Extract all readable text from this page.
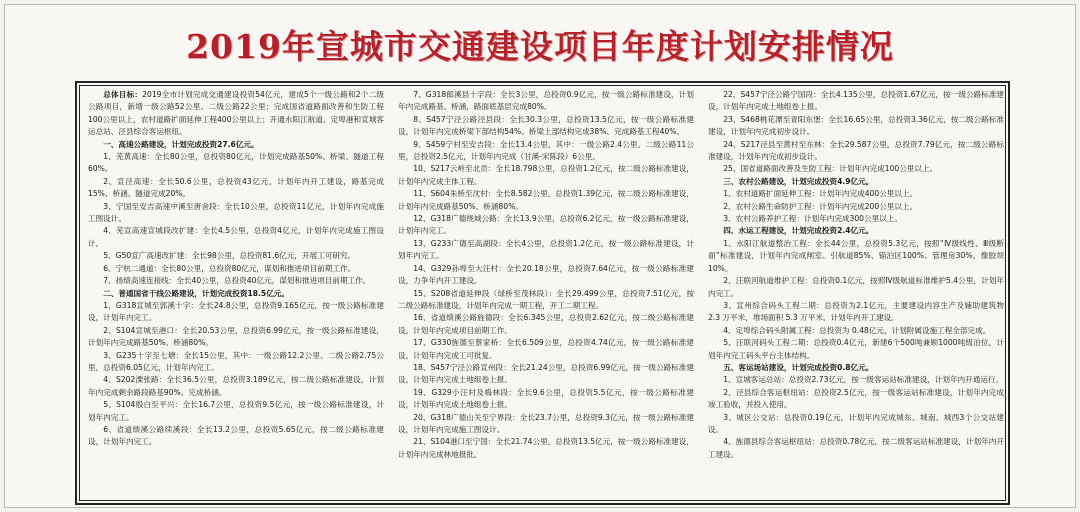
2019年宣城市交通建设项目年度计划安排情况
总体目标：2019全市计划完成交通建设投资54亿元，建成5个一级公路和2个二级公路项目，新增一级公路52公里、二级公路22公里；完成国省道路面改善和生防工程100公里以上，农村道路扩面延伸工程400公里以上；开通水阳江航道、定埠港和宣城客运总站、泾县综合客运枢纽。
一、高速公路建设，计划完成投资27.6亿元。
1、芜黄高速：全长80公里，总投资80亿元，计划完成路基50%、桥梁、隧道工程60%。
2、宣泾高速：全长50.6公里，总投资43亿元，计划年内开工建设，路基完成15%、桥涵、隧道完成20%。
3、宁国至安吉高速中溪至唐舍段：全长10公里，总投资11亿元，计划年内完成施工图设计。
4、芜宣高速宣城段改扩建：全长4.5公里，总投资4亿元，计划年内完成施工图设计。
5、G50宣广高速改扩建：全长98公里，总投资81.6亿元，开展工可研究。
6、宁杭二通道：全长80公里，总投资80亿元，谋划和推进项目前期工作。
7、扬绩高速连接线：全长40公里，总投资40亿元，谋划和推进项目前期工作。
二、普通国省干线公路建设，计划完成投资18.5亿元。
1、G318宣城至郭溪十字：全长24.8公里，总投资9.165亿元，按一级公路标准建设，计划年内完工。
2、S104宣城至港口：全长20.53公里，总投资6.99亿元，按一级公路标准建设，计划年内完成路基50%、桥涵80%。
3、G235十字至七塘：全长15公里，其中：一级公路12.2公里、二级公路2.75公里，总投资6.05亿元，计划年内完工。
4、S202溧张路：全长36.5公里，总投资3.189亿元，按二级公路标准建设，计划年内完成剩余路段路基90%、完成桥涵。
5、S104殷白至平兴：全长16.7公里，总投资9.5亿元，按一级公路标准建设，计划年内完工。
6、省道绩溪公路续溪段：全长13.2公里，总投资5.65亿元，按二级公路标准建设，计划年内完工。
7、G318郎溪县十字段：全长3公里，总投资0.9亿元，按一级公路标准建设，计划年内完成路基、桥涵，路面底基层完成80%。
8、S457宁泾公路泾县段：全长30.3公里，总投资13.5亿元，按一级公路标准建设，计划年内完成桥梁下部结构54%、桥梁上部结构完成38%、完成路基工程40%。
9、S459宁村至安吉段：全长13.4公里，其中：一级公路2.4公里、二级公路11公里，总投资2.5亿元，计划年内完成（甘溪-宋陈段）6公里。
10、S217云岭至北贡：全长18.798公里，总投资1.2亿元，按二级公路标准建设，计划年内完成主体工程。
11、S604朱桥至沈村：全长8.582公里，总投资1.39亿元，按二级公路标准建设，计划年内完成路基50%、桥涵80%。
12、G318广德绕城公路：全长13.9公里，总投资6.2亿元，按一级公路标准建设，计划年内完工。
13、G233广德至高湖段：全长4公里，总投资1.2亿元，按一级公路标准建设，计划年内完工。
14、G329孙埠至大汪村：全长20.18公里，总投资7.64亿元，按一级公路标准建设，力争年内开工建设。
15、S208省道延伸段（绿桥至茂林段）：全长29.499公里，总投资7.51亿元，按二级公路标准建设，计划年内完成一期工程，开工二期工程。
16、省道绩溪公路旌德段：全长6.345公里，总投资2.62亿元，按二级公路标准建设，计划年内完成项目前期工作。
17、G330旌德至蔡家桥：全长6.509公里，总投资4.74亿元，按一级公路标准建设，计划年内完成工可批复。
18、S457宁泾公路宣州段：全长21.24公里，总投资6.99亿元，按一级公路标准建设，计划年内完成土地组卷上报。
19、G329小汪村及梅林段：全长9.6公里，总投资5.5亿元，按一级公路标准建设，计划年内完成土地组卷上报。
20、G318广德山关至宁界段：全长23.7公里，总投资9.3亿元，按一级公路标准建设，计划年内完成施工图设计。
21、S104港口至宁国：全长21.74公里，总投资13.5亿元，按一级公路标准建设，计划年内完成林地报批。
22、S457宁泾公路宁国段：全长4.135公里，总投资1.67亿元，按一级公路标准建设，计划年内完成土地组卷上报。
23、S468桃花潭至青阳东堡：全长16.65公里，总投资3.36亿元，按二级公路标准建设，计划年内完成初步设计。
24、S217泾县至黄村至东林：全长29.587公里，总投资7.79亿元，按二级公路标准建设，计划年内完成初步设计。
25、国省道路面改善及生防工程：计划年内完成100公里以上。
三、农村公路建设，计划完成投资4.9亿元。
1、农村道路扩面延伸工程：计划年内完成400公里以上。
2、农村公路生命防护工程：计划年内完成200公里以上。
3、农村公路养护工程：计划年内完成300公里以上。
四、水运工程建设，计划完成投资2.4亿元。
1、水阳江航道整治工程：全长44公里，总投资5.3亿元，按照“Ⅳ级线性、Ⅲ级断面”标准建设，计划年内完成闸室、引航道85%、锚泊区100%、管理房30%、像胶坝10%。
2、汪联河航道维护工程：总投资0.1亿元，按照Ⅳ级航道标准维护5.4公里，计划年内完工。
3、宣州综合码头工程二期：总投资为2.1亿元，主要建设内容生产及辅助建筑物 2.3 万平米，堆场面积 5.3 万平米，计划年内开工建设。
4、定埠综合码头附属工程：总投资为 0.48亿元，计划附属设施工程全部完成。
5、汪联河码头工程二期：总投资0.4亿元，新建6个500吨兼顾1000吨级泊位，计划年内完工码头平台主体结构。
五、客运场站建设，计划完成投资0.8亿元。
1、宣城客运总站：总投资2.73亿元，按一级客运站标准建设，计划年内开通运行。
2、泾县综合客运枢纽站：总投资2.5亿元，按一级客运站标准建设，计划年内完成竣工验收，并投入使用。
3、城区公交站：总投资0.19亿元，计划年内完成城东、城南、城西3个公交站建设。
4、旌德县综合客运枢纽站：总投资0.78亿元，按二级客运站标准建设，计划年内开工建设。
